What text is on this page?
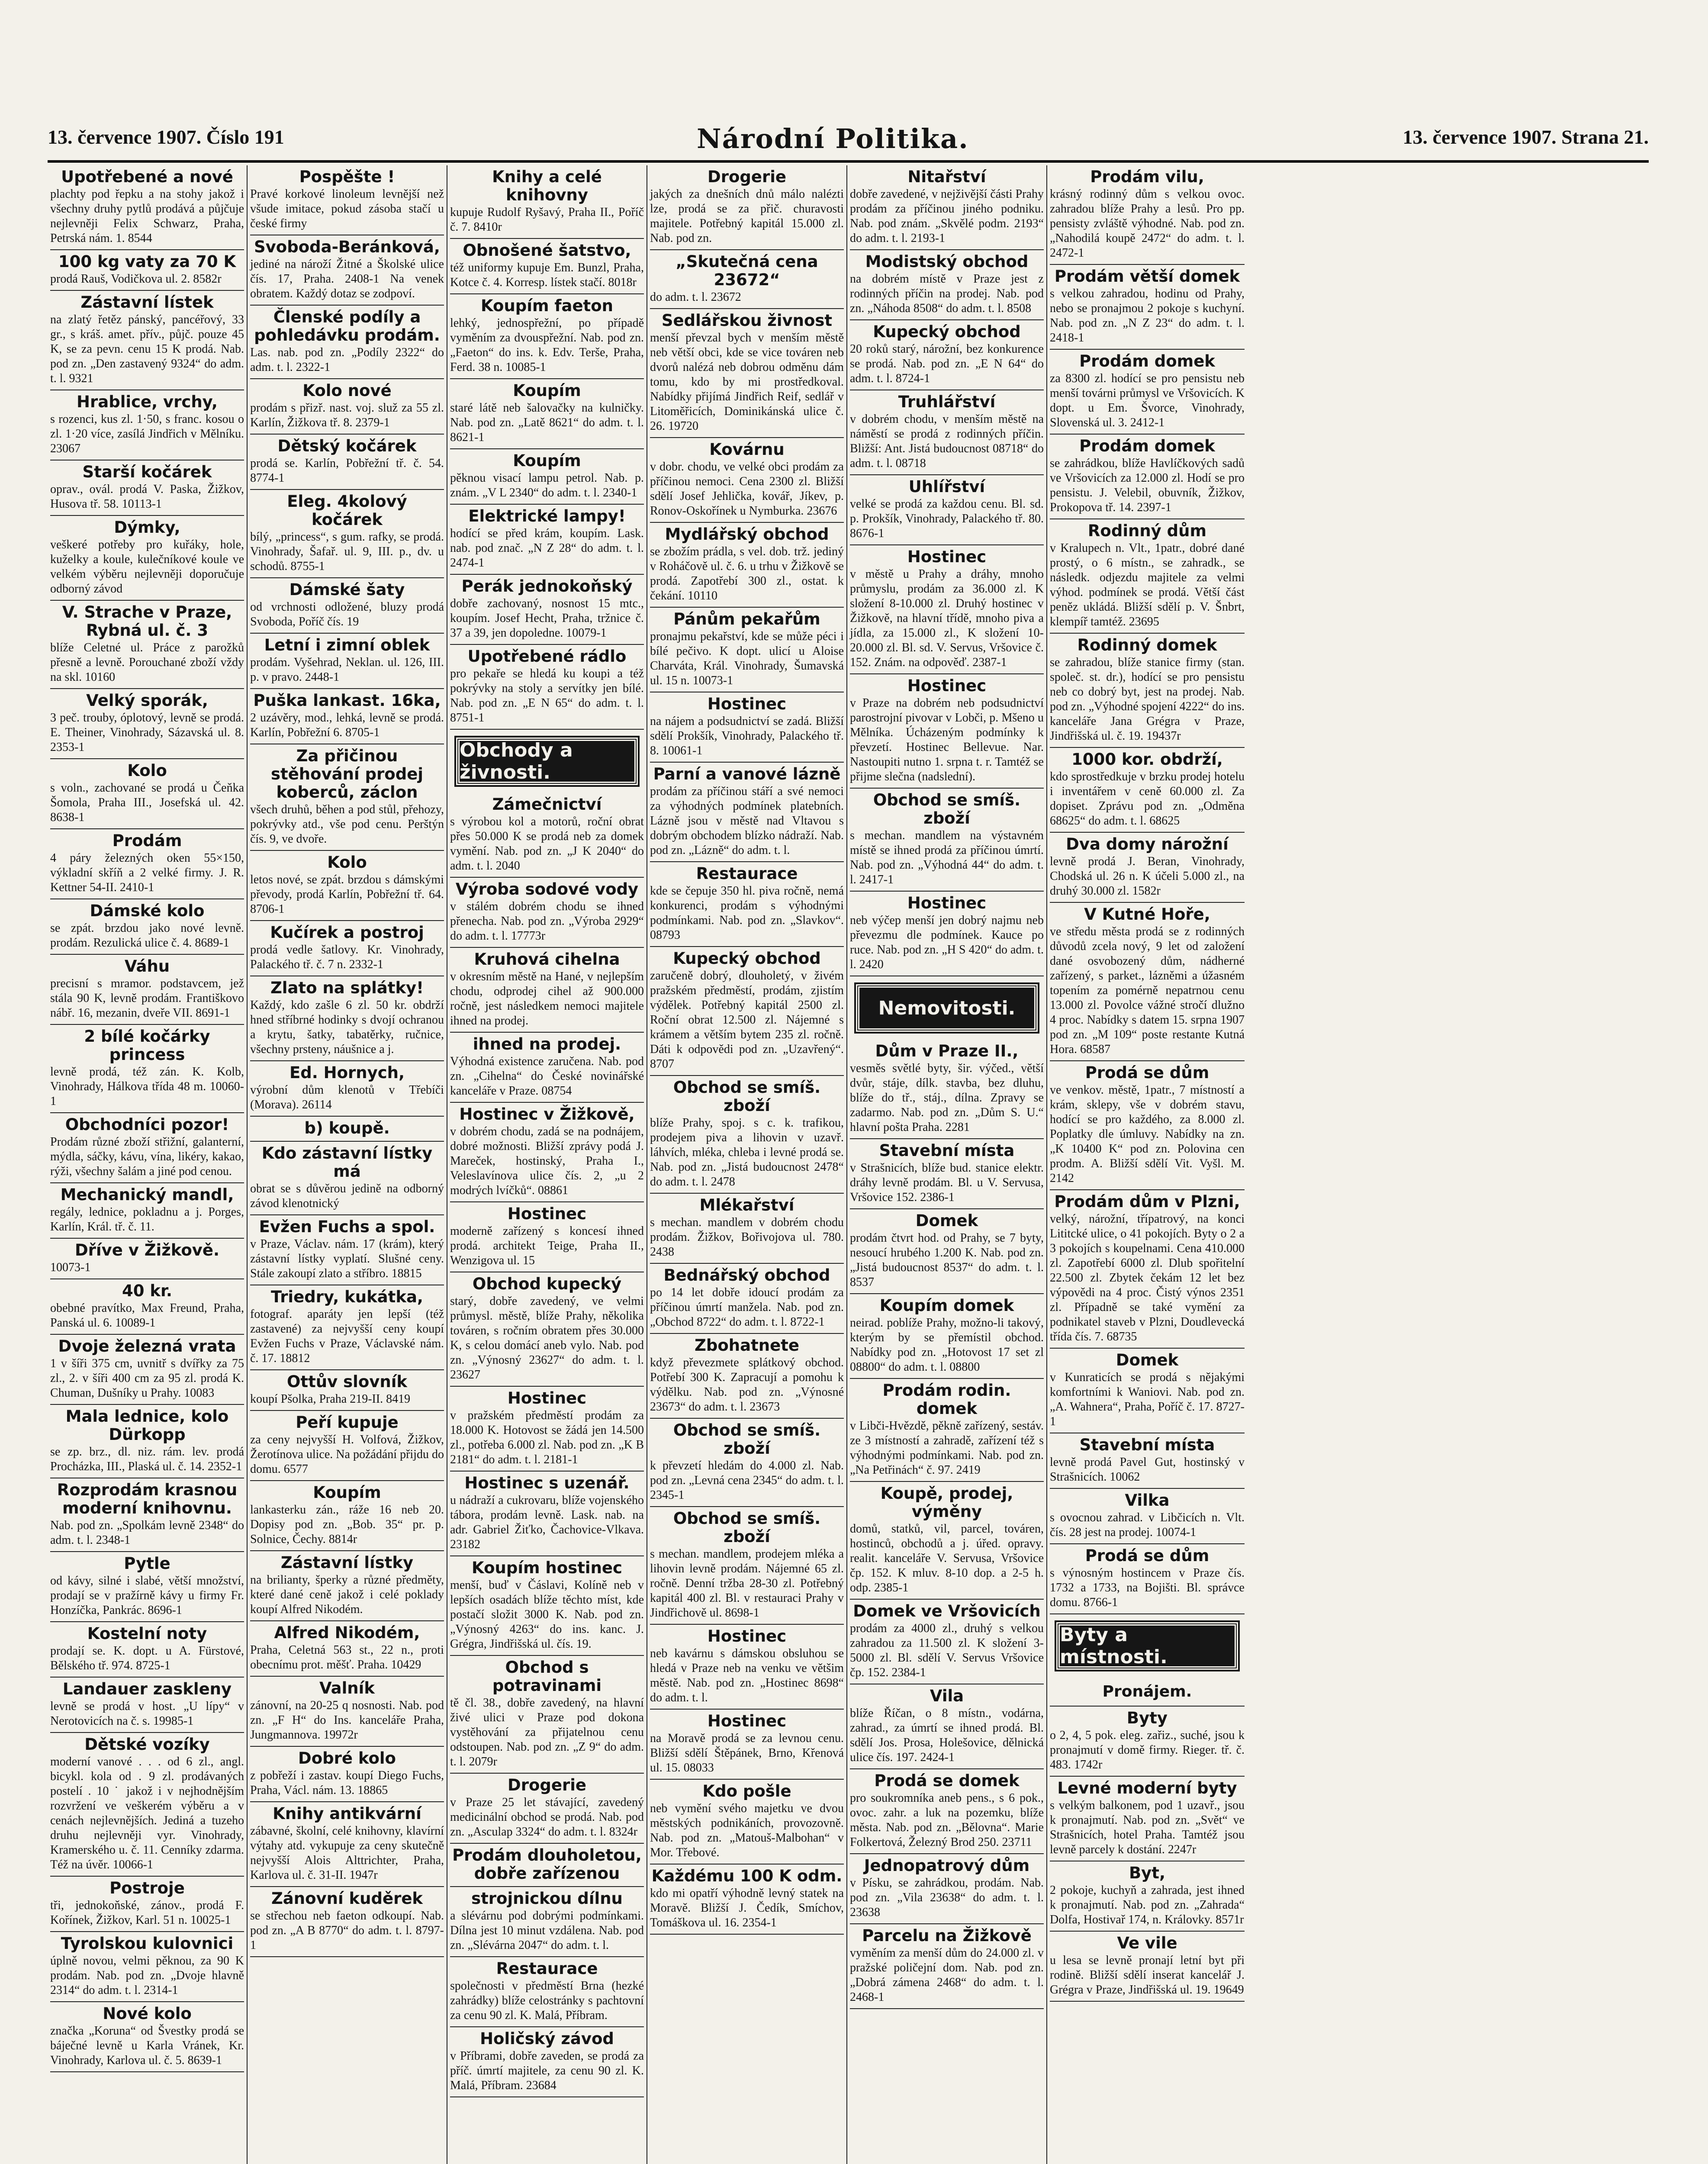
13. července 1907. Číslo 191	Národní Politika.	13. července 1907. Strana 21.
Upotřebené a nové

plachty pod řepku a na stohy jakož i všechny druhy pytlů prodává a půjčuje nejlevněji Felix Schwarz, Praha, Petrská nám. 1. 8544

100 kg vaty za 70 K

prodá Rauš, Vodičkova ul. 2. 8582r

Zástavní lístek

na zlatý řetěz pánský, pancéřový, 33 gr., s kráš. amet. přív., půjč. pouze 45 K, se za pevn. cenu 15 K prodá. Nab. pod zn. „Den zastavený 9324“ do adm. t. l. 9321

Hrablice, vrchy,

s rozenci, kus zl. 1·50, s franc. kosou o zl. 1·20 více, zasílá Jindřich v Mělníku. 23067

Starší kočárek

oprav., ovál. prodá V. Paska, Žižkov, Husova tř. 58. 10113-1

Dýmky,

veškeré potřeby pro kuřáky, hole, kuželky a koule, kulečníkové koule ve velkém výběru nejlevněji doporučuje odborný závod

V. Strache v Praze, Rybná ul. č. 3

blíže Celetné ul. Práce z parožků přesně a levně. Porouchané zboží vždy na skl. 10160

Velký sporák,

3 peč. trouby, óplotový, levně se prodá. E. Theiner, Vinohrady, Sázavská ul. 8. 2353-1

Kolo

s voln., zachované se prodá u Čeňka Šomola, Praha III., Josefská ul. 42. 8638-1

Prodám

4 páry železných oken 55×150, výkladní skříň a 2 velké firmy. J. R. Kettner 54-II. 2410-1

Dámské kolo

se zpát. brzdou jako nové levně. prodám. Rezulická ulice č. 4. 8689-1

Váhu

precisní s mramor. podstavcem, jež stála 90 K, levně prodám. Františkovo nábř. 16, mezanin, dveře VII. 8691-1

2 bílé kočárky princess

levně prodá, též zán. K. Kolb, Vinohrady, Hálkova třída 48 m. 10060-1

Obchodníci pozor!

Prodám různé zboží střižní, galanterní, mýdla, sáčky, kávu, vína, likéry, kakao, rýži, všechny šalám a jiné pod cenou.

Mechanický mandl,

regály, lednice, pokladnu a j. Porges, Karlín, Král. tř. č. 11.

Dříve v Žižkově.

10073-1

40 kr.

obebné pravítko, Max Freund, Praha, Panská ul. 6. 10089-1

Dvoje železná vrata

1 v šíři 375 cm, uvnitř s dvířky za 75 zl., 2. v šíři 400 cm za 95 zl. prodá K. Chuman, Dušníky u Prahy. 10083

Mala lednice, kolo Dürkopp

se zp. brz., dl. niz. rám. lev. prodá Procházka, III., Plaská ul. č. 14. 2352-1

Rozprodám krasnou moderní knihovnu.

Nab. pod zn. „Spolkám levně 2348“ do adm. t. l. 2348-1

Pytle

od kávy, silné i slabé, větší množství, prodají se v pražírně kávy u firmy Fr. Honzíčka, Pankrác. 8696-1

Kostelní noty

prodají se. K. dopt. u A. Fürstové, Bělského tř. 974. 8725-1

Landauer zaskleny

levně se prodá v host. „U lípy“ v Nerotovicích na č. s. 19985-1

Dětské vozíky

moderní vanové . . . od 6 zl., angl. bicykl. kola od . 9 zl. prodávaných postelí . 10 ˙ jakož i v nejhodnějším rozvržení ve veškerém výběru a v cenách nejlevnějších. Jediná a tuzeho druhu nejlevněji vyr. Vinohrady, Kramerského u. č. 11. Cenníky zdarma. Též na úvěr. 10066-1

Postroje

tři, jednokoňské, zánov., prodá F. Kořínek, Žižkov, Karl. 51 n. 10025-1

Tyrolskou kulovnici

úplně novou, velmi pěknou, za 90 K prodám. Nab. pod zn. „Dvoje hlavně 2314“ do adm. t. l. 2314-1

Nové kolo

značka „Koruna“ od Švestky prodá se báječné levně u Karla Vránek, Kr. Vinohrady, Karlova ul. č. 5. 8639-1

Pospěšte !

Pravé korkové linoleum levnější než všude imitace, pokud zásoba stačí u české firmy

Svoboda-Beránková,

jediné na nároží Žitné a Školské ulice čís. 17, Praha. 2408-1 Na venek obratem. Každý dotaz se zodpoví.

Členské podíly a pohledávku prodám.

Las. nab. pod zn. „Podíly 2322“ do adm. t. l. 2322-1

Kolo nové

prodám s přizř. nast. voj. služ za 55 zl. Karlín, Žižkova tř. 8. 2379-1

Dětský kočárek

prodá se. Karlín, Pobřežní tř. č. 54. 8774-1

Eleg. 4kolový kočárek

bílý, „princess“, s gum. rafky, se prodá. Vinohrady, Šafař. ul. 9, III. p., dv. u schodů. 8755-1

Dámské šaty

od vrchnosti odložené, bluzy prodá Svoboda, Poříč čís. 19

Letní i zimní oblek

prodám. Vyšehrad, Neklan. ul. 126, III. p. v pravo. 2448-1

Puška lankast. 16ka,

2 uzávěry, mod., lehká, levně se prodá. Karlín, Pobřežní 6. 8705-1

Za přičinou stěhování prodej koberců, záclon

všech druhů, běhen a pod stůl, přehozy, pokrývky atd., vše pod cenu. Perštýn čís. 9, ve dvoře.

Kolo

letos nové, se zpát. brzdou s dámskými převody, prodá Karlín, Pobřežní tř. 64. 8706-1

Kučírek a postroj

prodá vedle šatlovy. Kr. Vinohrady, Palackého tř. č. 7 n. 2332-1

Zlato na splátky!

Každý, kdo zašle 6 zl. 50 kr. obdrží hned stříbrné hodinky s dvojí ochranou a krytu, šatky, tabatěrky, ručnice, všechny prsteny, náušnice a j.

Ed. Hornych,

výrobní dům klenotů v Třebíči (Morava). 26114

b) koupě.
Kdo zástavní lístky má

obrat se s důvěrou jedině na odborný závod klenotnický

Evžen Fuchs a spol.

v Praze, Václav. nám. 17 (krám), který zástavní lístky vyplatí. Slušné ceny. Stále zakoupí zlato a stříbro. 18815

Triedry, kukátka,

fotograf. aparáty jen lepší (též zastavené) za nejvyšší ceny koupí Evžen Fuchs v Praze, Václavské nám. č. 17. 18812

Ottův slovník

koupí Pšolka, Praha 219-II. 8419

Peří kupuje

za ceny nejvyšší H. Volfová, Žižkov, Žerotínova ulice. Na požádání přijdu do domu. 6577

Koupím

lankasterku zán., ráže 16 neb 20. Dopisy pod zn. „Bob. 35“ pr. p. Solnice, Čechy. 8814r

Zástavní lístky

na brilianty, šperky a různé předměty, které dané ceně jakož i celé poklady koupí Alfred Nikodém.

Alfred Nikodém,

Praha, Celetná 563 st., 22 n., proti obecnímu prot. měšť. Praha. 10429

Valník

zánovní, na 20-25 q nosnosti. Nab. pod zn. „F H“ do Ins. kanceláře Praha, Jungmannova. 19972r

Dobré kolo

z pobřeží i zastav. koupí Diego Fuchs, Praha, Václ. nám. 13. 18865

Knihy antikvární

zábavné, školní, celé knihovny, klavírní výtahy atd. vykupuje za ceny skutečně nejvyšší Alois Alttrichter, Praha, Karlova ul. č. 31-II. 1947r

Zánovní kuděrek

se střechou neb faeton odkoupí. Nab. pod zn. „A B 8770“ do adm. t. l. 8797-1

Knihy a celé knihovny

kupuje Rudolf Ryšavý, Praha II., Poříč č. 7. 8410r

Obnošené šatstvo,

též uniformy kupuje Em. Bunzl, Praha, Kotce č. 4. Korresp. lístek stačí. 8018r

Koupím faeton

lehký, jednospřežní, po případě vyměním za dvouspřežní. Nab. pod zn. „Faeton“ do ins. k. Edv. Terše, Praha, Ferd. 38 n. 10085-1

Koupím

staré látě neb šalovačky na kulničky. Nab. pod zn. „Latě 8621“ do adm. t. l. 8621-1

Koupím

pěknou visací lampu petrol. Nab. p. znám. „V L 2340“ do adm. t. l. 2340-1

Elektrické lampy!

hodící se před krám, koupím. Lask. nab. pod znač. „N Z 28“ do adm. t. l. 2474-1

Perák jednokoňský

dobře zachovaný, nosnost 15 mtc., koupím. Josef Hecht, Praha, tržnice č. 37 a 39, jen dopoledne. 10079-1

Upotřebené rádlo

pro pekaře se hledá ku koupi a též pokrývky na stoly a servítky jen bílé. Nab. pod zn. „E N 65“ do adm. t. l. 8751-1

Obchody a živnosti.
Zámečnictví

s výrobou kol a motorů, roční obrat přes 50.000 K se prodá neb za domek vymění. Nab. pod zn. „J K 2040“ do adm. t. l. 2040

Výroba sodové vody

v stálém dobrém chodu se ihned přenecha. Nab. pod zn. „Výroba 2929“ do adm. t. l. 17773r

Kruhová cihelna

v okresním městě na Hané, v nejlepším chodu, odprodej cihel až 900.000 ročně, jest následkem nemoci majitele ihned na prodej.

ihned na prodej.

Výhodná existence zaručena. Nab. pod zn. „Cihelna“ do České novinářské kanceláře v Praze. 08754

Hostinec v Žižkově,

v dobrém chodu, zadá se na podnájem, dobré možnosti. Bližší zprávy podá J. Mareček, hostinský, Praha I., Veleslavínova ulice čís. 2, „u 2 modrých lvíčků“. 08861

Hostinec

moderně zařízený s koncesí ihned prodá. architekt Teige, Praha II., Wenzigova ul. 15

Obchod kupecký

starý, dobře zavedený, ve velmi průmysl. městě, blíže Prahy, několika továren, s ročním obratem přes 30.000 K, s celou domácí aneb vylo. Nab. pod zn. „Výnosný 23627“ do adm. t. l. 23627

Hostinec

v pražském předměstí prodám za 18.000 K. Hotovost se žádá jen 14.500 zl., potřeba 6.000 zl. Nab. pod zn. „K B 2181“ do adm. t. l. 2181-1

Hostinec s uzenář.

u nádraží a cukrovaru, blíže vojenského tábora, prodám levně. Lask. nab. na adr. Gabriel Žiťko, Čachovice-Vlkava. 23182

Koupím hostinec

menší, buď v Čáslavi, Kolíně neb v lepších osadách blíže těchto míst, kde postačí složit 3000 K. Nab. pod zn. „Výnosný 4263“ do ins. kanc. J. Grégra, Jindřišská ul. čís. 19.

Obchod s potravinami

tě čl. 38., dobře zavedený, na hlavní živé ulici v Praze pod dokona vystěhování za přijatelnou cenu odstoupen. Nab. pod zn. „Z 9“ do adm. t. l. 2079r

Drogerie

v Praze 25 let stávající, zavedený medicinální obchod se prodá. Nab. pod zn. „Asculap 3324“ do adm. t. l. 8324r

Prodám dlouholetou, dobře zařízenou
strojnickou dílnu

a slévárnu pod dobrými podmínkami. Dílna jest 10 minut vzdálena. Nab. pod zn. „Slévárna 2047“ do adm. t. l.

Restaurace

společnosti v předměstí Brna (hezké zahrádky) blíže celostránky s pachtovní za cenu 90 zl. K. Malá, Příbram.

Holičský závod

v Příbrami, dobře zaveden, se prodá za příč. úmrtí majitele, za cenu 90 zl. K. Malá, Příbram. 23684

Drogerie

jakých za dnešních dnů málo nalézti lze, prodá se za přič. churavosti majitele. Potřebný kapitál 15.000 zl. Nab. pod zn.

„Skutečná cena 23672“

do adm. t. l. 23672

Sedlářskou živnost

menší převzal bych v menším městě neb větší obci, kde se vice továren neb dvorů nalézá neb dobrou odměnu dám tomu, kdo by mi prostředkoval. Nabídky přijímá Jindřich Reif, sedlář v Litoměřicích, Dominikánská ulice č. 26. 19720

Kovárnu

v dobr. chodu, ve velké obci prodám za příčinou nemoci. Cena 2300 zl. Bližší sdělí Josef Jehlička, kovář, Jíkev, p. Ronov-Oskořínek u Nymburka. 23676

Mydlářský obchod

se zbožím prádla, s vel. dob. trž. jediný v Roháčově ul. č. 6. u trhu v Žižkově se prodá. Zapotřebí 300 zl., ostat. k čekání. 10110

Pánům pekařům

pronajmu pekařství, kde se může péci i bílé pečivo. K dopt. ulicí u Aloise Charváta, Král. Vinohrady, Šumavská ul. 15 n. 10073-1

Hostinec

na nájem a podsudnictví se zadá. Bližší sdělí Prokšík, Vinohrady, Palackého tř. 8. 10061-1

Parní a vanové lázně

prodám za příčinou stáří a své nemoci za výhodných podmínek platebních. Lázně jsou v městě nad Vltavou s dobrým obchodem blízko nádraží. Nab. pod zn. „Lázně“ do adm. t. l.

Restaurace

kde se čepuje 350 hl. piva ročně, nemá konkurenci, prodám s výhodnými podmínkami. Nab. pod zn. „Slavkov“. 08793

Kupecký obchod

zaručeně dobrý, dlouholetý, v živém pražském předměstí, prodám, zjistím výdělek. Potřebný kapitál 2500 zl. Roční obrat 12.500 zl. Nájemné s krámem a větším bytem 235 zl. ročně. Dáti k odpovědi pod zn. „Uzavřený“. 8707

Obchod se smíš. zboží

blíže Prahy, spoj. s c. k. trafikou, prodejem piva a lihovin v uzavř. láhvích, mléka, chleba i levné prodá se. Nab. pod zn. „Jistá budoucnost 2478“ do adm. t. l. 2478

Mlékařství

s mechan. mandlem v dobrém chodu prodám. Žižkov, Bořivojova ul. 780. 2438

Bednářský obchod

po 14 let dobře idoucí prodám za příčinou úmrtí manžela. Nab. pod zn. „Obchod 8722“ do adm. t. l. 8722-1

Zbohatnete

když převezmete splátkový obchod. Potřebí 300 K. Zapracují a pomohu k výdělku. Nab. pod zn. „Výnosné 23673“ do adm. t. l. 23673

Obchod se smíš. zboží

k převzetí hledám do 4.000 zl. Nab. pod zn. „Levná cena 2345“ do adm. t. l. 2345-1

Obchod se smíš. zboží

s mechan. mandlem, prodejem mléka a lihovin levně prodám. Nájemné 65 zl. ročně. Denní tržba 28-30 zl. Potřebný kapitál 400 zl. Bl. v restauraci Prahy v Jindřichově ul. 8698-1

Hostinec

neb kavárnu s dámskou obsluhou se hledá v Praze neb na venku ve většim městě. Nab. pod zn. „Hostinec 8698“ do adm. t. l.

Hostinec

na Moravě prodá se za levnou cenu. Bližší sdělí Štěpánek, Brno, Křenová ul. 15. 08033

Kdo pošle

neb vymění svého majetku ve dvou městských podnikáních, provozovně. Nab. pod zn. „Matouš-Malbohan“ v Mor. Třebové.

Každému 100 K odm.

kdo mi opatří výhodně levný statek na Moravě. Bližší J. Čedík, Smíchov, Tomáškova ul. 16. 2354-1

Nitařství

dobře zavedené, v nejživější části Prahy prodám za příčinou jiného podniku. Nab. pod znám. „Skvělé podm. 2193“ do adm. t. l. 2193-1

Modistský obchod

na dobrém místě v Praze jest z rodinných příčin na prodej. Nab. pod zn. „Náhoda 8508“ do adm. t. l. 8508

Kupecký obchod

20 roků starý, nárožní, bez konkurence se prodá. Nab. pod zn. „E N 64“ do adm. t. l. 8724-1

Truhlářství

v dobrém chodu, v menším městě na náměstí se prodá z rodinných příčin. Bližší: Ant. Jistá budoucnost 08718“ do adm. t. l. 08718

Uhlířství

velké se prodá za každou cenu. Bl. sd. p. Prokšík, Vinohrady, Palackého tř. 80. 8676-1

Hostinec

v městě u Prahy a dráhy, mnoho průmyslu, prodám za 36.000 zl. K složení 8-10.000 zl. Druhý hostinec v Žižkově, na hlavní třídě, mnoho piva a jídla, za 15.000 zl., K složení 10-20.000 zl. Bl. sd. V. Servus, Vršovice č. 152. Znám. na odpověď. 2387-1

Hostinec

v Praze na dobrém neb podsudnictví parostrojní pivovar v Lobči, p. Mšeno u Mělníka. Úcházeným podmínky k převzetí. Hostinec Bellevue. Nar. Nastoupiti nutno 1. srpna t. r. Tamtéž se přijme slečna (nadslední).

Obchod se smíš. zboží

s mechan. mandlem na výstavném místě se ihned prodá za příčinou úmrtí. Nab. pod zn. „Výhodná 44“ do adm. t. l. 2417-1

Hostinec

neb výčep menší jen dobrý najmu neb převezmu dle podmínek. Kauce po ruce. Nab. pod zn. „H S 420“ do adm. t. l. 2420

Nemovitosti.
Dům v Praze II.,

vesměs světlé byty, šir. výčed., větší dvůr, stáje, dílk. stavba, bez dluhu, blíže do tř., stáj., dílna. Zpravy se zadarmo. Nab. pod zn. „Dům S. U.“ hlavní pošta Praha. 2281

Stavební místa

v Strašnicích, blíže bud. stanice elektr. dráhy levně prodám. Bl. u V. Servusa, Vršovice 152. 2386-1

Domek

prodám čtvrt hod. od Prahy, se 7 byty, nesoucí hrubého 1.200 K. Nab. pod zn. „Jistá budoucnost 8537“ do adm. t. l. 8537

Koupím domek

neirad. poblíže Prahy, možno-li takový, kterým by se přemístil obchod. Nabídky pod zn. „Hotovost 17 set zl 08800“ do adm. t. l. 08800

Prodám rodin. domek

v Libči-Hvězdě, pěkně zařízený, sestáv. ze 3 místností a zahradě, zařízení též s výhodnými podmínkami. Nab. pod zn. „Na Petřinách“ č. 97. 2419

Koupě, prodej, výměny

domů, statků, vil, parcel, továren, hostinců, obchodů a j. úřed. opravy. realit. kanceláře V. Servusa, Vršovice čp. 152. K mluv. 8-10 dop. a 2-5 h. odp. 2385-1

Domek ve Vršovicích

prodám za 4000 zl., druhý s velkou zahradou za 11.500 zl. K složení 3-5000 zl. Bl. sdělí V. Servus Vršovice čp. 152. 2384-1

Vila

blíže Říčan, o 8 místn., vodárna, zahrad., za úmrtí se ihned prodá. Bl. sdělí Jos. Prosa, Holešovice, dělnická ulice čís. 197. 2424-1

Prodá se domek

pro soukromníka aneb pens., s 6 pok., ovoc. zahr. a luk na pozemku, blíže města. Nab. pod zn. „Bělovna“. Marie Folkertová, Železný Brod 250. 23711

Jednopatrový dům

v Písku, se zahrádkou, prodám. Nab. pod zn. „Vila 23638“ do adm. t. l. 23638

Parcelu na Žižkově

vyměním za menší dům do 24.000 zl. v pražské poličejní dom. Nab. pod zn. „Dobrá zámena 2468“ do adm. t. l. 2468-1

Prodám vilu,

krásný rodinný dům s velkou ovoc. zahradou blíže Prahy a lesů. Pro pp. pensisty zvláště výhodné. Nab. pod zn. „Nahodilá koupě 2472“ do adm. t. l. 2472-1

Prodám větší domek

s velkou zahradou, hodinu od Prahy, nebo se pronajmou 2 pokoje s kuchyní. Nab. pod zn. „N Z 23“ do adm. t. l. 2418-1

Prodám domek

za 8300 zl. hodící se pro pensistu neb menší továrni průmysl ve Vršovicích. K dopt. u Em. Švorce, Vinohrady, Slovenská ul. 3. 2412-1

Prodám domek

se zahrádkou, blíže Havlíčkových sadů ve Vršovicích za 12.000 zl. Hodí se pro pensistu. J. Velebil, obuvník, Žižkov, Prokopova tř. 14. 2397-1

Rodinný dům

v Kralupech n. Vlt., 1patr., dobré dané prostý, o 6 místn., se zahradk., se následk. odjezdu majitele za velmi výhod. podmínek se prodá. Větší část peněz ukládá. Bližší sdělí p. V. Šnbrt, klempíř tamtéž. 23695

Rodinný domek

se zahradou, blíže stanice firmy (stan. společ. st. dr.), hodící se pro pensistu neb co dobrý byt, jest na prodej. Nab. pod zn. „Výhodné spojení 4222“ do ins. kanceláře Jana Grégra v Praze, Jindřišská ul. č. 19. 19437r

1000 kor. obdrží,

kdo sprostředkuje v brzku prodej hotelu i inventářem v ceně 60.000 zl. Za dopiset. Zprávu pod zn. „Odměna 68625“ do adm. t. l. 68625

Dva domy nárožní

levně prodá J. Beran, Vinohrady, Chodská ul. 26 n. K účeli 5.000 zl., na druhý 30.000 zl. 1582r

V Kutné Hoře,

ve středu města prodá se z rodinných důvodů zcela nový, 9 let od založení dané osvobozený dům, nádherné zařízený, s parket., lázněmi a úžasném topením za pomérně nepatrnou cenu 13.000 zl. Povolce vážné stročí dlužno 4 proc. Nabídky s datem 15. srpna 1907 pod zn. „M 109“ poste restante Kutná Hora. 68587

Prodá se dům

ve venkov. městě, 1patr., 7 místností a krám, sklepy, vše v dobrém stavu, hodící se pro každého, za 8.000 zl. Poplatky dle úmluvy. Nabídky na zn. „K 10400 K“ pod zn. Polovina cen prodm. A. Bližší sdělí Vit. Vyšl. M. 2142

Prodám dům v Plzni,

velký, nárožní, třípatrový, na konci Lititcké ulice, o 41 pokojích. Byty o 2 a 3 pokojích s koupelnami. Cena 410.000 zl. Zapotřebí 6000 zl. Dlub spořitelní 22.500 zl. Zbytek čekám 12 let bez výpovědi na 4 proc. Čistý výnos 2351 zl. Případně se také vymění za podnikatel staveb v Plzni, Doudlevecká třída čís. 7. 68735

Domek

v Kunraticích se prodá s nějakými komfortními k Waniovi. Nab. pod zn. „A. Wahnera“, Praha, Poříč č. 17. 8727-1

Stavební místa

levně prodá Pavel Gut, hostinský v Strašnicích. 10062

Vilka

s ovocnou zahrad. v Libčicích n. Vlt. čís. 28 jest na prodej. 10074-1

Prodá se dům

s výnosným hostincem v Praze čís. 1732 a 1733, na Bojišti. Bl. správce domu. 8766-1

Byty a místnosti.
Pronájem.
Byty

o 2, 4, 5 pok. eleg. zařiz., suché, jsou k pronajmutí v domě firmy. Rieger. tř. č. 483. 1742r

Levné moderní byty

s velkým balkonem, pod 1 uzavř., jsou k pronajmutí. Nab. pod zn. „Svět“ ve Strašnicích, hotel Praha. Tamtéž jsou levně parcely k dostání. 2247r

Byt,

2 pokoje, kuchyň a zahrada, jest ihned k pronajmutí. Nab. pod zn. „Zahrada“ Dolfa, Hostivař 174, n. Královky. 8571r

Ve vile

u lesa se levně pronají letní byt při rodině. Bližší sdělí inserat kancelář J. Grégra v Praze, Jindřišská ul. 19. 19649
